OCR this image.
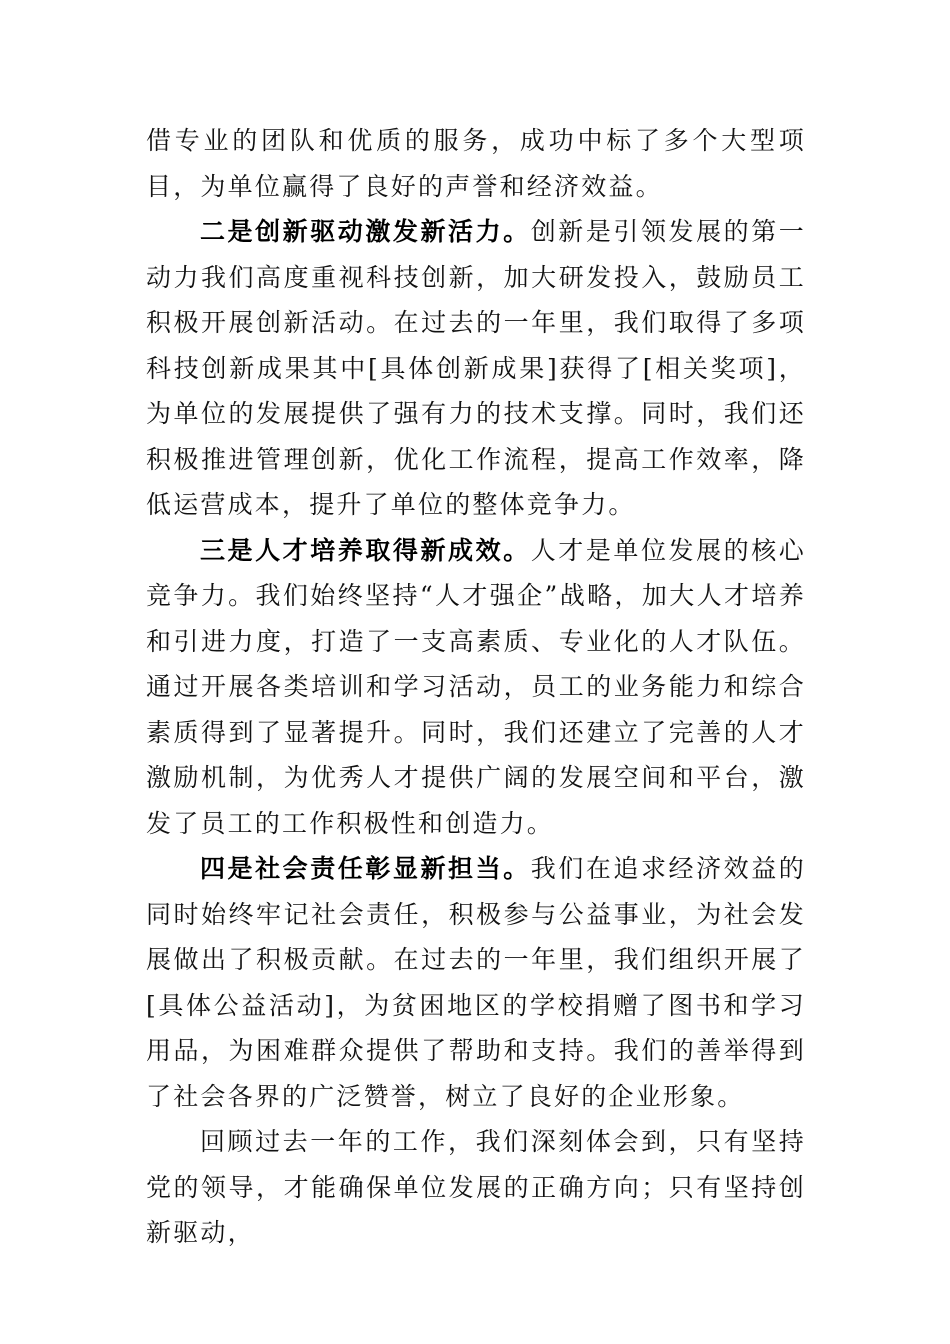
借专业的团队和优质的服务，成功中标了多个大型项目，为单位赢得了良好的声誉和经济效益。

二是创新驱动激发新活力。创新是引领发展的第一动力我们高度重视科技创新，加大研发投入，鼓励员工积极开展创新活动。在过去的一年里，我们取得了多项科技创新成果其中[具体创新成果]获得了[相关奖项]，为单位的发展提供了强有力的技术支撑。同时，我们还积极推进管理创新，优化工作流程，提高工作效率，降低运营成本，提升了单位的整体竞争力。

三是人才培养取得新成效。人才是单位发展的核心竞争力。我们始终坚持“人才强企”战略，加大人才培养和引进力度，打造了一支高素质、专业化的人才队伍。通过开展各类培训和学习活动，员工的业务能力和综合素质得到了显著提升。同时，我们还建立了完善的人才激励机制，为优秀人才提供广阔的发展空间和平台，激发了员工的工作积极性和创造力。

四是社会责任彰显新担当。我们在追求经济效益的同时始终牢记社会责任，积极参与公益事业，为社会发展做出了积极贡献。在过去的一年里，我们组织开展了[具体公益活动]，为贫困地区的学校捐赠了图书和学习用品，为困难群众提供了帮助和支持。我们的善举得到了社会各界的广泛赞誉，树立了良好的企业形象。

回顾过去一年的工作，我们深刻体会到，只有坚持党的领导，才能确保单位发展的正确方向；只有坚持创新驱动，
